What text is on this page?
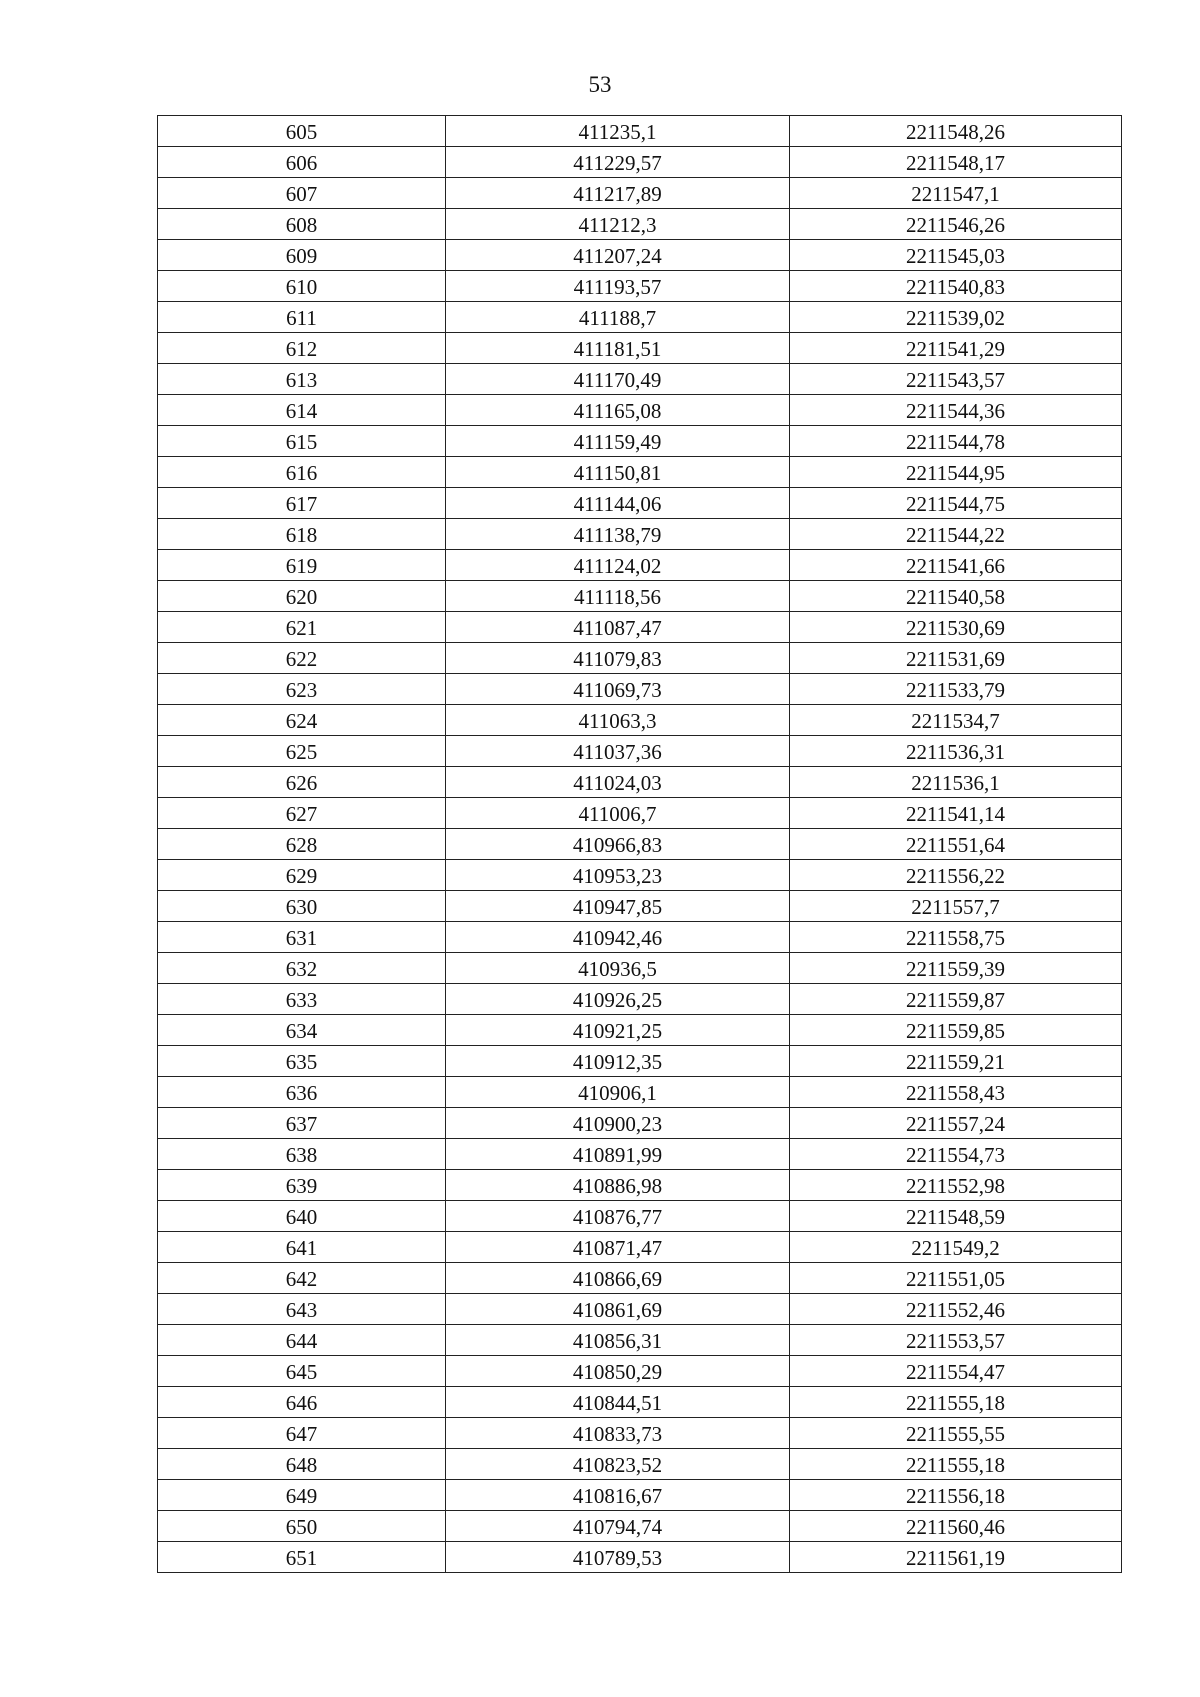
53
605	411235,1	2211548,26
606	411229,57	2211548,17
607	411217,89	2211547,1
608	411212,3	2211546,26
609	411207,24	2211545,03
610	411193,57	2211540,83
611	411188,7	2211539,02
612	411181,51	2211541,29
613	411170,49	2211543,57
614	411165,08	2211544,36
615	411159,49	2211544,78
616	411150,81	2211544,95
617	411144,06	2211544,75
618	411138,79	2211544,22
619	411124,02	2211541,66
620	411118,56	2211540,58
621	411087,47	2211530,69
622	411079,83	2211531,69
623	411069,73	2211533,79
624	411063,3	2211534,7
625	411037,36	2211536,31
626	411024,03	2211536,1
627	411006,7	2211541,14
628	410966,83	2211551,64
629	410953,23	2211556,22
630	410947,85	2211557,7
631	410942,46	2211558,75
632	410936,5	2211559,39
633	410926,25	2211559,87
634	410921,25	2211559,85
635	410912,35	2211559,21
636	410906,1	2211558,43
637	410900,23	2211557,24
638	410891,99	2211554,73
639	410886,98	2211552,98
640	410876,77	2211548,59
641	410871,47	2211549,2
642	410866,69	2211551,05
643	410861,69	2211552,46
644	410856,31	2211553,57
645	410850,29	2211554,47
646	410844,51	2211555,18
647	410833,73	2211555,55
648	410823,52	2211555,18
649	410816,67	2211556,18
650	410794,74	2211560,46
651	410789,53	2211561,19
